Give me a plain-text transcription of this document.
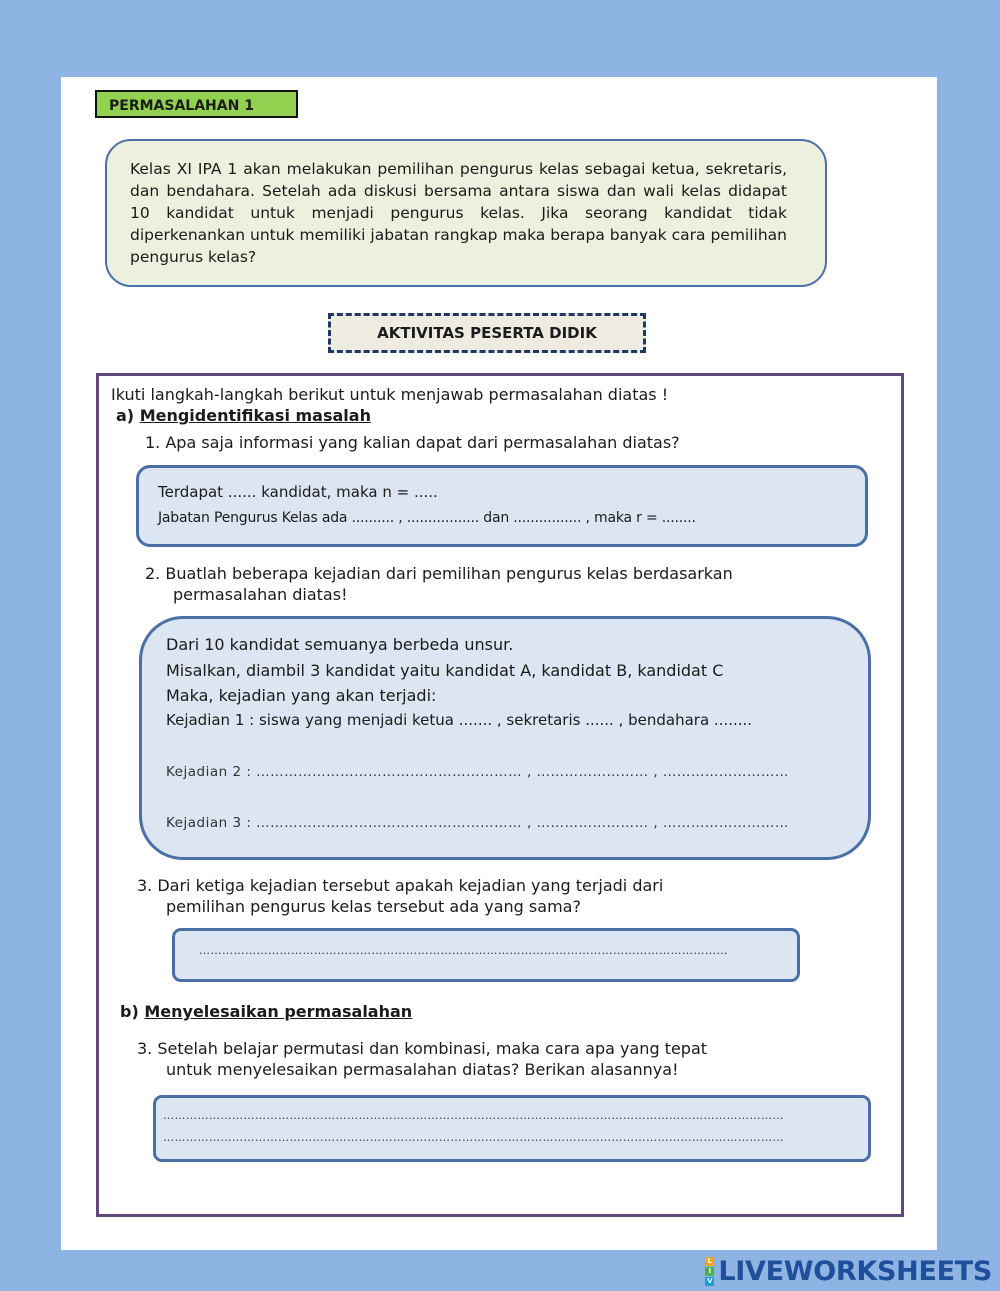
PERMASALAHAN 1
Kelas XI IPA 1 akan melakukan pemilihan pengurus kelas sebagai ketua, sekretaris, dan bendahara. Setelah ada diskusi bersama antara siswa dan wali kelas didapat 10 kandidat untuk menjadi pengurus kelas. Jika seorang kandidat tidak diperkenankan untuk memiliki jabatan rangkap maka berapa banyak cara pemilihan pengurus kelas?
AKTIVITAS PESERTA DIDIK
Ikuti langkah-langkah berikut untuk menjawab permasalahan diatas !
a) Mengidentifikasi masalah
1. Apa saja informasi yang kalian dapat dari permasalahan diatas?
Terdapat ...... kandidat, maka n = .....
Jabatan Pengurus Kelas ada .......... , ................. dan ................ , maka r = ........
2. Buatlah beberapa kejadian dari pemilihan pengurus kelas berdasarkan
permasalahan diatas!
Dari 10 kandidat semuanya berbeda unsur.
Misalkan, diambil 3 kandidat yaitu kandidat A, kandidat B, kandidat C
Maka, kejadian yang akan terjadi:
Kejadian 1 : siswa yang menjadi ketua ....... , sekretaris ...... , bendahara ........
Kejadian 2 : ………………………………………………… , …………………… , ………………………
Kejadian 3 : ………………………………………………… , …………………… , ………………………
3. Dari ketiga kejadian tersebut apakah kejadian yang terjadi dari
pemilihan pengurus kelas tersebut ada yang sama?
…………………………………………………………………………………………………………………………
b) Menyelesaikan permasalahan
3. Setelah belajar permutasi dan kombinasi, maka cara apa yang tepat
untuk menyelesaikan permasalahan diatas? Berikan alasannya!
………………………………………………………………………………………………………………………………………………
………………………………………………………………………………………………………………………………………………
L
I
V LIVEWORKSHEETS
